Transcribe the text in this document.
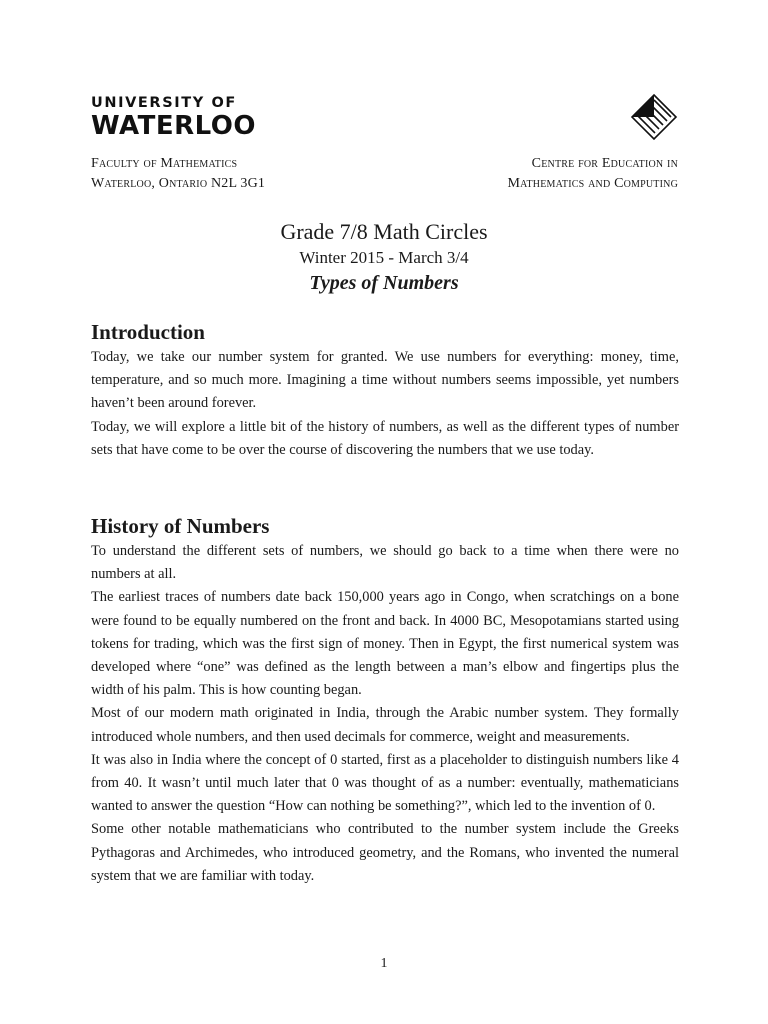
UNIVERSITY OF
WATERLOO
Faculty of Mathematics
Waterloo, Ontario N2L 3G1
Centre for Education in
Mathematics and Computing
Grade 7/8 Math Circles
Winter 2015 - March 3/4
Types of Numbers
Introduction

Today, we take our number system for granted. We use numbers for everything: money, time, temperature, and so much more. Imagining a time without numbers seems impossible, yet numbers haven’t been around forever.

Today, we will explore a little bit of the history of numbers, as well as the different types of number sets that have come to be over the course of discovering the numbers that we use today.

History of Numbers

To understand the different sets of numbers, we should go back to a time when there were no numbers at all.

The earliest traces of numbers date back 150,000 years ago in Congo, when scratchings on a bone were found to be equally numbered on the front and back. In 4000 BC, Mesopotamians started using tokens for trading, which was the first sign of money. Then in Egypt, the first numerical system was developed where “one” was defined as the length between a man’s elbow and fingertips plus the width of his palm. This is how counting began.

Most of our modern math originated in India, through the Arabic number system. They formally introduced whole numbers, and then used decimals for commerce, weight and measurements.

It was also in India where the concept of 0 started, first as a placeholder to distinguish numbers like 4 from 40. It wasn’t until much later that 0 was thought of as a number: eventually, mathematicians wanted to answer the question “How can nothing be something?”, which led to the invention of 0.

Some other notable mathematicians who contributed to the number system include the Greeks Pythagoras and Archimedes, who introduced geometry, and the Romans, who invented the numeral system that we are familiar with today.

1
